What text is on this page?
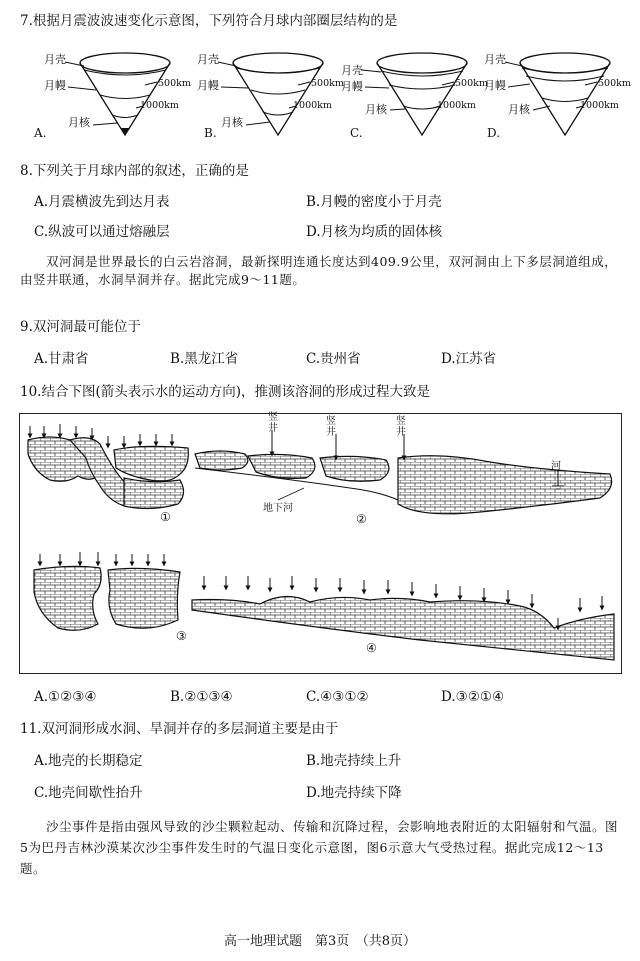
7.根据月震波波速变化示意图，下列符合月球内部圈层结构的是
月壳
月幔
月核
500km
1000km
A.
月壳
月幔
月核
500km
1000km
B.
月壳
月幔
月核
500km
1000km
C.
月壳
月幔
月核
500km
1000km
D.
8.下列关于月球内部的叙述，正确的是
A.月震横波先到达月表	B.月幔的密度小于月壳
C.纵波可以通过熔融层	D.月核为均质的固体核
双河洞是世界最长的白云岩溶洞，最新探明连通长度达到409.9公里，双河洞由上下多层洞道组成，由竖井联通，水洞旱洞并存。据此完成9～11题。
9.双河洞最可能位于
A.甘肃省	B.黑龙江省	C.贵州省	D.江苏省
10.结合下图(箭头表示水的运动方向)，推测该溶洞的形成过程大致是
竖井
竖井
竖井
河
地下河
①	②
③
④
A.①②③④	B.②①③④	C.④③①②	D.③②①④
11.双河洞形成水洞、旱洞并存的多层洞道主要是由于
A.地壳的长期稳定	B.地壳持续上升
C.地壳间歇性抬升	D.地壳持续下降
沙尘事件是指由强风导致的沙尘颗粒起动、传输和沉降过程，会影响地表附近的太阳辐射和气温。图5为巴丹吉林沙漠某次沙尘事件发生时的气温日变化示意图，图6示意大气受热过程。据此完成12～13题。
高一地理试题　第3页　（共8页）
